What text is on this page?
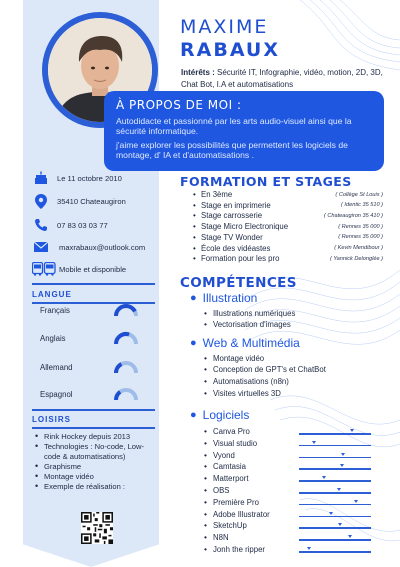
MAXIME
RABAUX
Intérêts : Sécurité IT, Infographie, vidéo, motion, 2D, 3D, Chat Bot, I.A et automatisations
À PROPOS DE MOI :

Autodidacte et passionné par les arts audio-visuel ainsi que la sécurité informatique.

j'aime explorer les possibilités que permettent les logiciels de montage, d' IA et d'automatisations .

Le 11 octobre 2010
35410 Chateaugiron
07 83 03 03 77
maxrabaux@outlook.com
Mobile et disponible
LANGUE
Français
Anglais
Allemand
Espagnol
LOISIRS
• Rink Hockey depuis 2013
• Technologies : No-code, Low-code & automatisations)
• Graphisme
• Montage vidéo
• Exemple de réalisation :
FORMATION ET STAGES
• En 3ème	( Collège St Louis )
• Stage en imprimerie	( Identic 35 510 )
• Stage carrosserie	( Chateaugiron 35 410 )
• Stage Micro Electronique	( Rennes 35 000 )
• Stage TV Wonder	( Rennes 35 000 )
• École des vidéastes	( Kevin Mendibour )
• Formation pour les pro	( Yannick Delonglée )
COMPÉTENCES
● Illustration
• Illustrations numériques
• Vectorisation d'images
● Web & Multimédia
• Montage vidéo
• Conception de GPT's et ChatBot
• Automatisations (n8n)
• Visites virtuelles 3D
● Logiciels
• Canva Pro
• Visual studio
• Vyond
• Camtasia
• Matterport
• OBS
• Première Pro
• Adobe Illustrator
• SketchUp
• N8N
• Jonh the ripper
